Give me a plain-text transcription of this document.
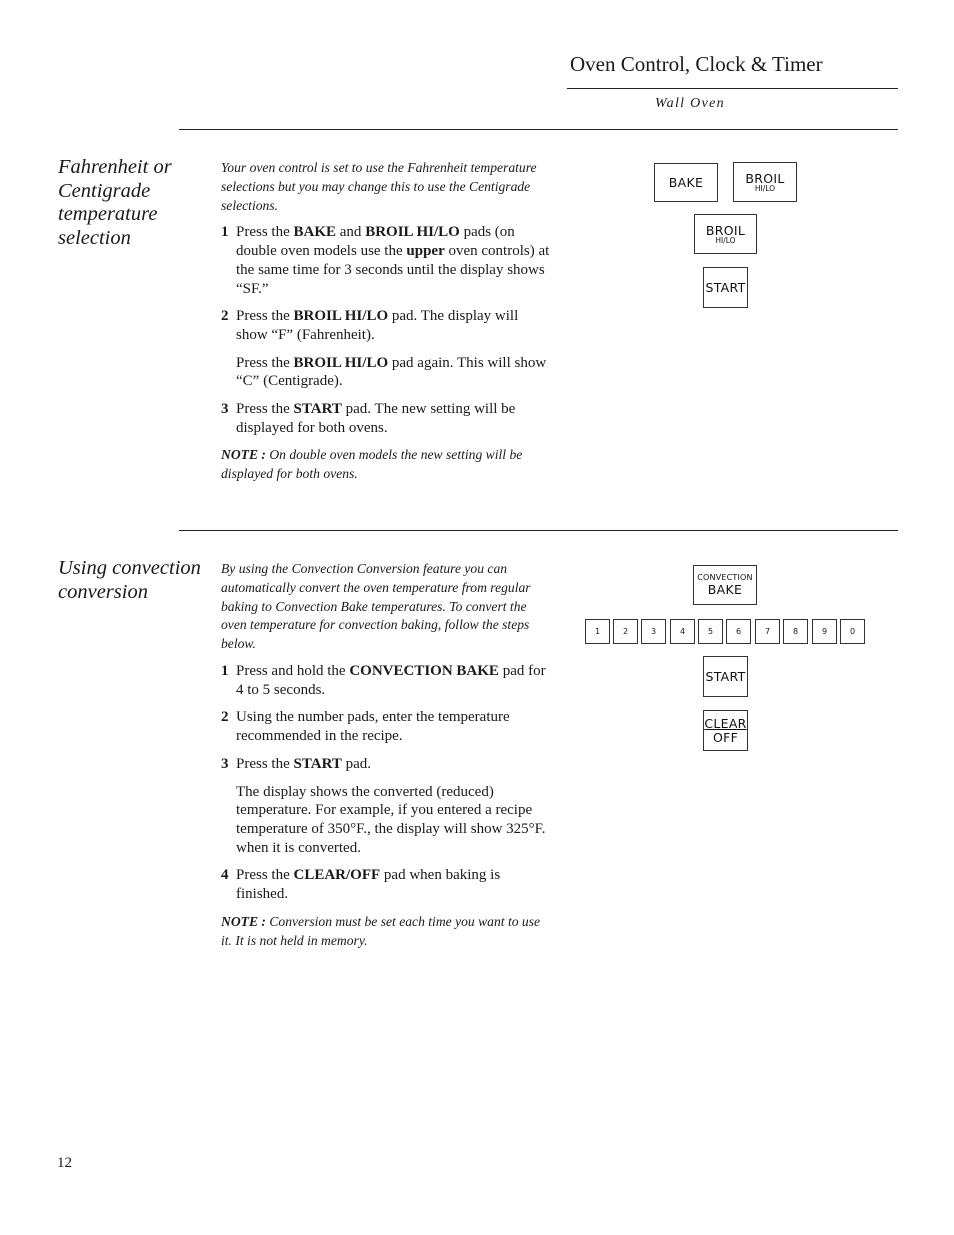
Oven Control, Clock & Timer
Wall Oven
Fahrenheit or Centigrade temperature selection

Your oven control is set to use the Fahrenheit temperature selections but you may change this to use the Centigrade selections.

1 Press the BAKE and BROIL HI/LO pads (on double oven models use the upper oven controls) at the same time for 3 seconds until the display shows “SF.”
2 Press the BROIL HI/LO pad. The display will show “F” (Fahrenheit).
Press the BROIL HI/LO pad again. This will show “C” (Centigrade).
3 Press the START pad. The new setting will be displayed for both ovens.

NOTE : On double oven models the new setting will be displayed for both ovens.

BAKE	BROIL
HI/LO
BROIL
HI/LO
START
Using convection conversion

By using the Convection Conversion feature you can automatically convert the oven temperature from regular baking to Convection Bake temperatures. To convert the oven temperature for convection baking, follow the steps below.

1 Press and hold the CONVECTION BAKE pad for 4 to 5 seconds.
2 Using the number pads, enter the temperature recommended in the recipe.
3 Press the START pad.
The display shows the converted (reduced) temperature. For example, if you entered a recipe temperature of 350°F., the display will show 325°F. when it is converted.
4 Press the CLEAR/OFF pad when baking is finished.

NOTE : Conversion must be set each time you want to use it. It is not held in memory.

CONVECTION
BAKE
1	2	3	4	5	6	7	8	9	0
START
CLEAR
OFF
12
